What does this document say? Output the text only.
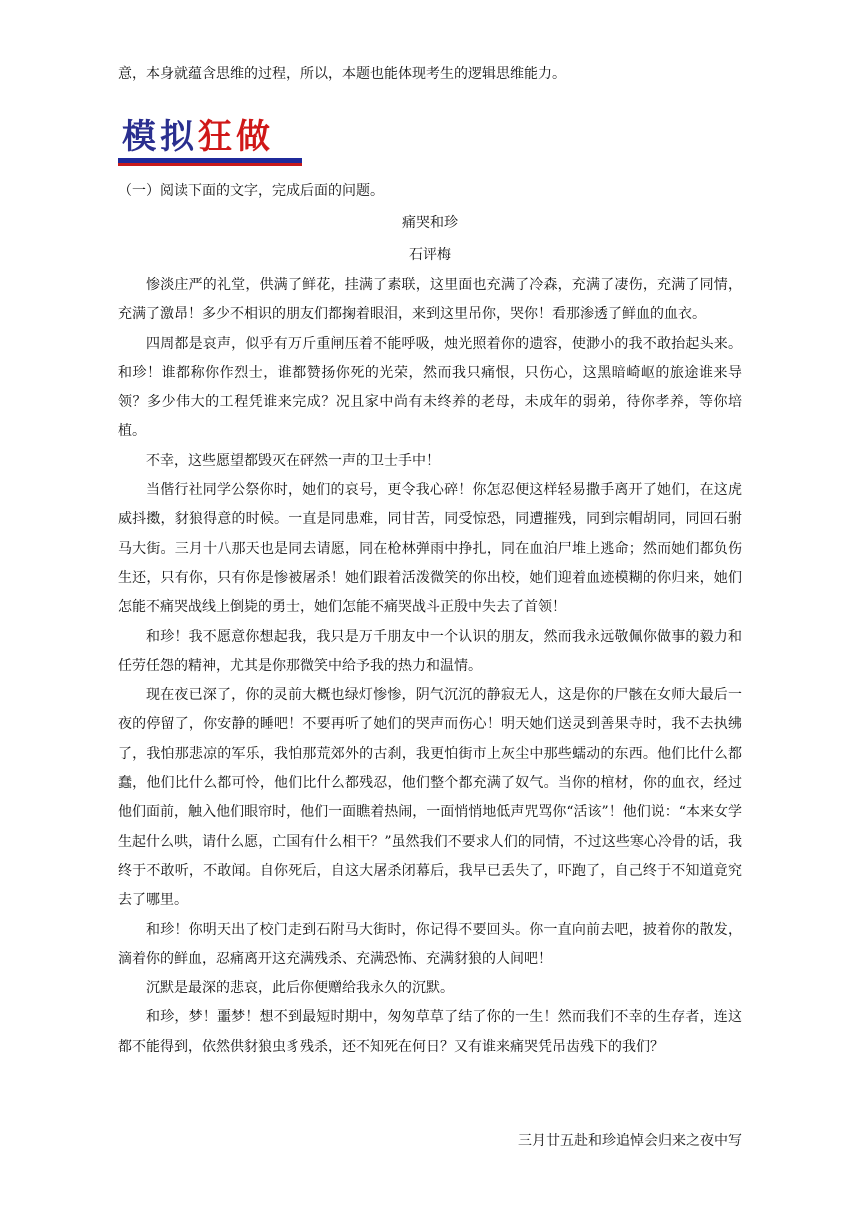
意，本身就蕴含思维的过程，所以，本题也能体现考生的逻辑思维能力。
模拟狂做
（一）阅读下面的文字，完成后面的问题。
痛哭和珍
石评梅

惨淡庄严的礼堂，供满了鲜花，挂满了素联，这里面也充满了冷森，充满了凄伤，充满了同情，充满了激昂！多少不相识的朋友们都掬着眼泪，来到这里吊你，哭你！看那渗透了鲜血的血衣。

四周都是哀声，似乎有万斤重闸压着不能呼吸，烛光照着你的遗容，使渺小的我不敢抬起头来。和珍！谁都称你作烈士，谁都赞扬你死的光荣，然而我只痛恨，只伤心，这黑暗崎岖的旅途谁来导领？多少伟大的工程凭谁来完成？况且家中尚有未终养的老母，未成年的弱弟，待你孝养，等你培植。

不幸，这些愿望都毁灭在砰然一声的卫士手中！

当偕行社同学公祭你时，她们的哀号，更令我心碎！你怎忍便这样轻易撒手离开了她们，在这虎威抖擞，豺狼得意的时候。一直是同患难，同甘苦，同受惊恐，同遭摧残，同到宗帽胡同，同回石驸马大街。三月十八那天也是同去请愿，同在枪林弹雨中挣扎，同在血泊尸堆上逃命；然而她们都负伤生还，只有你，只有你是惨被屠杀！她们跟着活泼微笑的你出校，她们迎着血迹模糊的你归来，她们怎能不痛哭战线上倒毙的勇士，她们怎能不痛哭战斗正殷中失去了首领！

和珍！我不愿意你想起我，我只是万千朋友中一个认识的朋友，然而我永远敬佩你做事的毅力和任劳任怨的精神，尤其是你那微笑中给予我的热力和温情。

现在夜已深了，你的灵前大概也绿灯惨惨，阴气沉沉的静寂无人，这是你的尸骸在女师大最后一夜的停留了，你安静的睡吧！不要再听了她们的哭声而伤心！明天她们送灵到善果寺时，我不去执绋了，我怕那悲凉的军乐，我怕那荒郊外的古刹，我更怕街市上灰尘中那些蠕动的东西。他们比什么都蠢，他们比什么都可怜，他们比什么都残忍，他们整个都充满了奴气。当你的棺材，你的血衣，经过他们面前，触入他们眼帘时，他们一面瞧着热闹，一面悄悄地低声咒骂你“活该”！他们说：“本来女学生起什么哄，请什么愿，亡国有什么相干？”虽然我们不要求人们的同情，不过这些寒心冷骨的话，我终于不敢听，不敢闻。自你死后，自这大屠杀闭幕后，我早已丢失了，吓跑了，自己终于不知道竟究去了哪里。

和珍！你明天出了校门走到石附马大街时，你记得不要回头。你一直向前去吧，披着你的散发，滴着你的鲜血，忍痛离开这充满残杀、充满恐怖、充满豺狼的人间吧！

沉默是最深的悲哀，此后你便赠给我永久的沉默。

和珍，梦！噩梦！想不到最短时期中，匆匆草草了结了你的一生！然而我们不幸的生存者，连这都不能得到，依然供豺狼虫豸残杀，还不知死在何日？又有谁来痛哭凭吊齿残下的我们？

三月廿五赴和珍追悼会归来之夜中写
